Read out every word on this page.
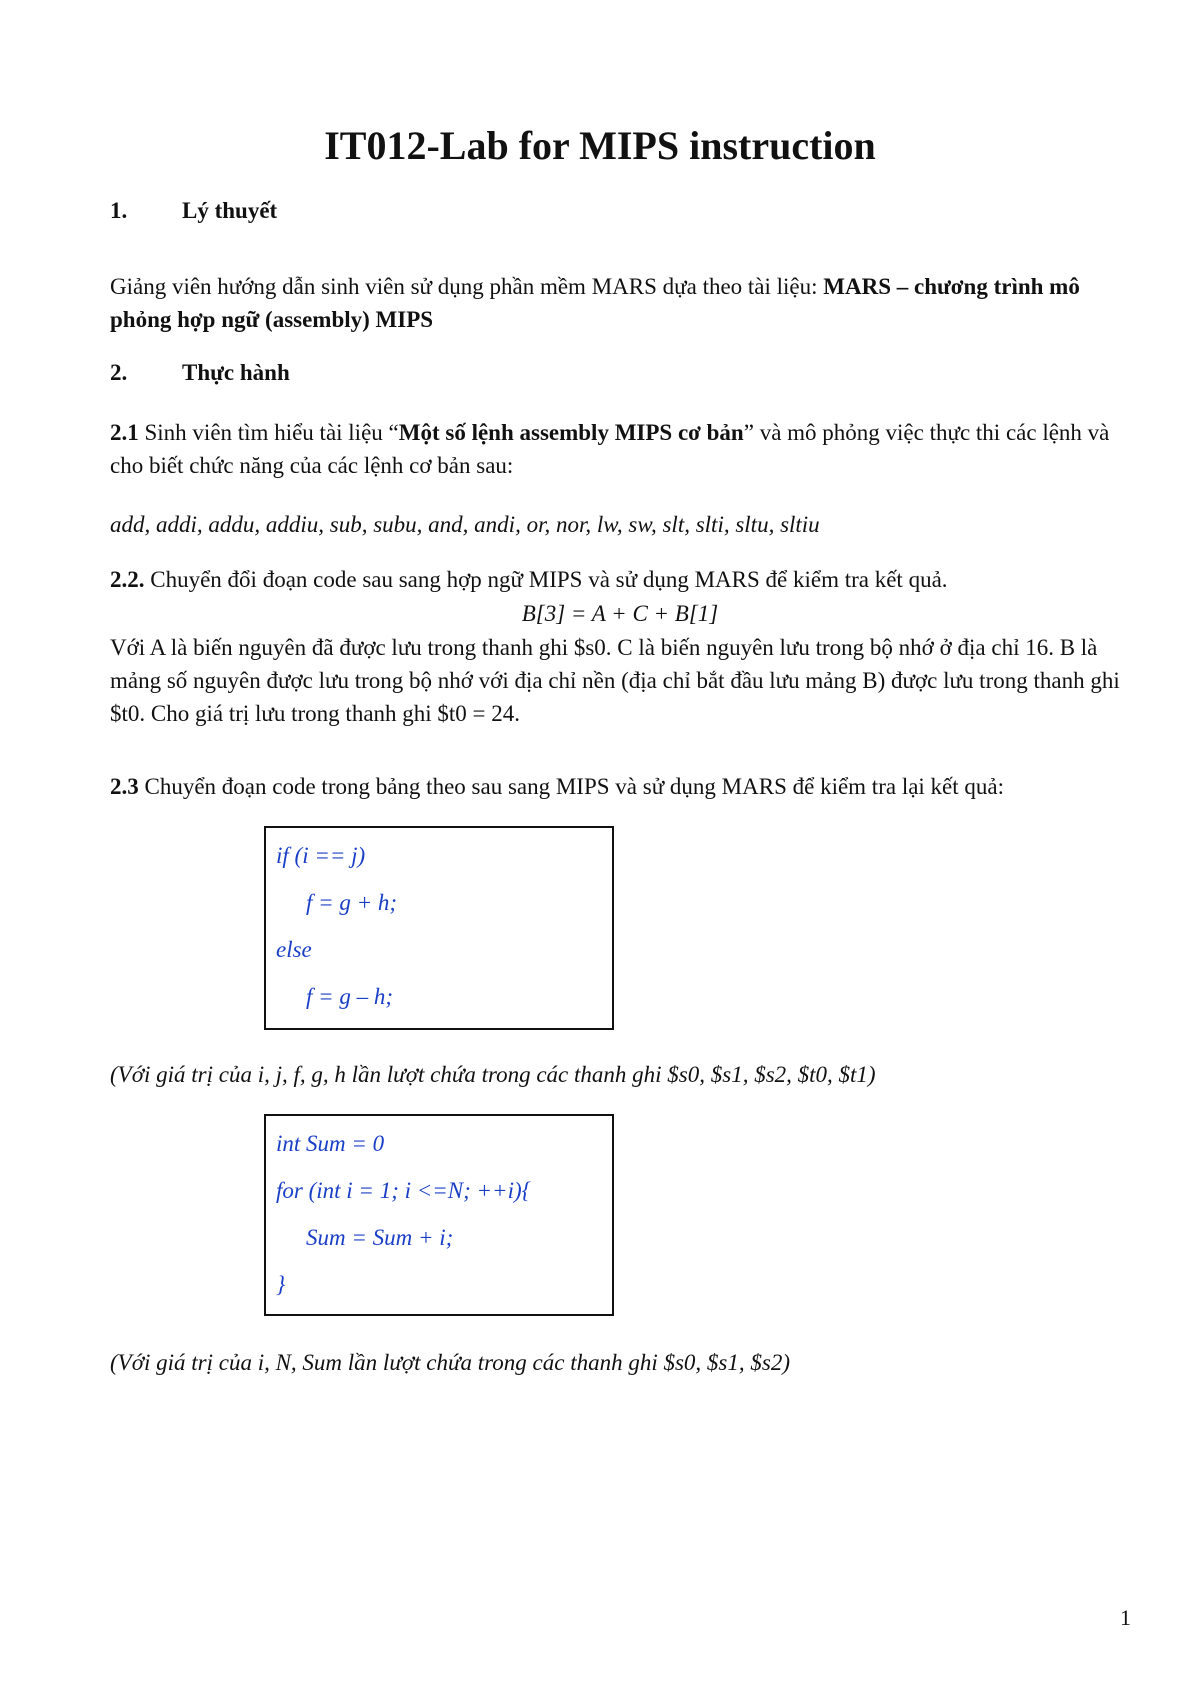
IT012-Lab for MIPS instruction
1. Lý thuyết
Giảng viên hướng dẫn sinh viên sử dụng phần mềm MARS dựa theo tài liệu: MARS – chương trình mô phỏng hợp ngữ (assembly) MIPS
2. Thực hành
2.1 Sinh viên tìm hiểu tài liệu “Một số lệnh assembly MIPS cơ bản” và mô phỏng việc thực thi các lệnh và cho biết chức năng của các lệnh cơ bản sau:
add, addi, addu, addiu, sub, subu, and, andi, or, nor, lw, sw, slt, slti, sltu, sltiu
2.2. Chuyển đổi đoạn code sau sang hợp ngữ MIPS và sử dụng MARS để kiểm tra kết quả.
B[3] = A + C + B[1]
Với A là biến nguyên đã được lưu trong thanh ghi $s0. C là biến nguyên lưu trong bộ nhớ ở địa chỉ 16. B là mảng số nguyên được lưu trong bộ nhớ với địa chỉ nền (địa chỉ bắt đầu lưu mảng B) được lưu trong thanh ghi $t0. Cho giá trị lưu trong thanh ghi $t0 = 24.
2.3 Chuyển đoạn code trong bảng theo sau sang MIPS và sử dụng MARS để kiểm tra lại kết quả:
if (i == j)
f = g + h;
else
f = g – h;
(Với giá trị của i, j, f, g, h lần lượt chứa trong các thanh ghi $s0, $s1, $s2, $t0, $t1)
int Sum = 0
for (int i = 1; i <=N; ++i){
Sum = Sum + i;
}
(Với giá trị của i, N, Sum lần lượt chứa trong các thanh ghi $s0, $s1, $s2)
1
